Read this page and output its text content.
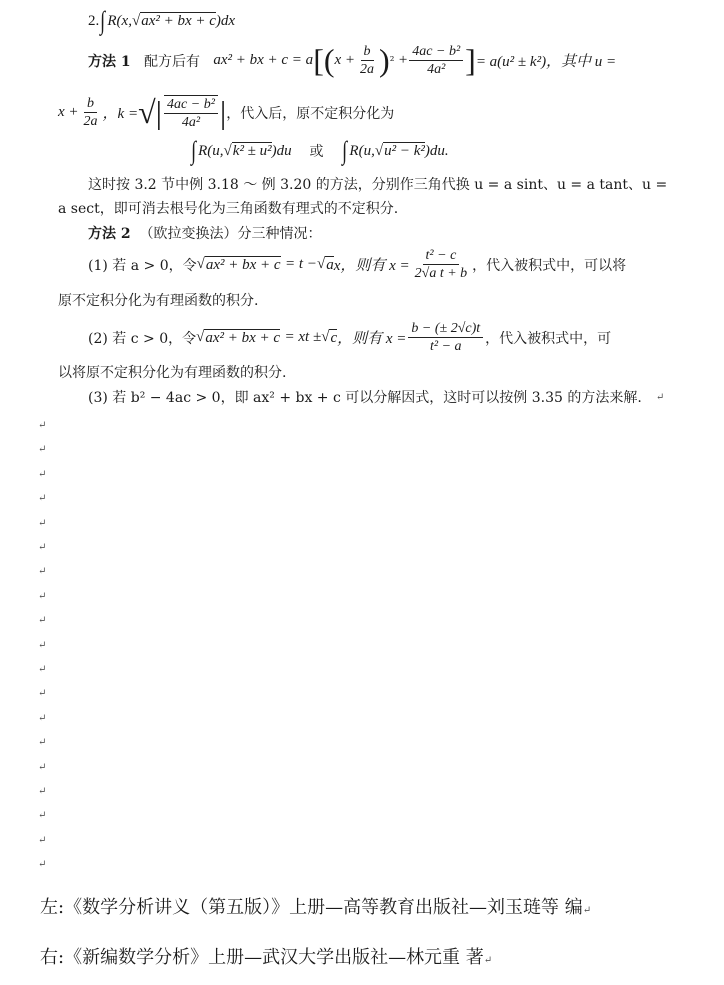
2. ∫ R(x, √ ax² + bx + c )dx
方法 1
配方后有
ax² + bx + c = a [( $x + \frac{b}{2a}$ ) ²
+ $\frac{\text{4ac − b²}}{\text{4a²}}$ ] = a(u² ± k²)，其中 u =
$x + \frac{b}{2a}$ ，k = √| $\frac{\text{4ac − b²}}{\text{4a²}}$ | ，代入后，原不定积分化为
∫ R(u, √ k² ± u² )du
或
∫ R(u, √ u² − k² )du.
这时按 3.2 节中例 3.18 ～ 例 3.20 的方法，分别作三角代换 u = a sint、u = a tant、u =
a sect，即可消去根号化为三角函数有理式的不定积分.
方法 2
（欧拉变换法）分三种情况：
(1) 若 a > 0，令 √ ax² + bx + c
= t − √ a x，则有 $x = \frac{\text{t² − c}}{\text{2√a t + b}}$ ，代入被积式中，可以将
原不定积分化为有理函数的积分.
(2) 若 c > 0，令 √ ax² + bx + c
= xt ± √ c ，则有 $x = \frac{b - (\pm 2√c)t}{\text{t² − a}}$ ，代入被积式中，可
以将原不定积分化为有理函数的积分.
(3) 若 b² − 4ac > 0，即 ax² + bx + c 可以分解因式，这时可以按例 3.35 的方法来解. ↵
↵
↵
↵
↵
↵
↵
↵
↵
↵
↵
↵
↵
↵
↵
↵
↵
↵
↵
↵
左:《数学分析讲义（第五版）》上册—高等教育出版社—刘玉琏等 编↵
右:《新编数学分析》上册—武汉大学出版社—林元重 著↵
